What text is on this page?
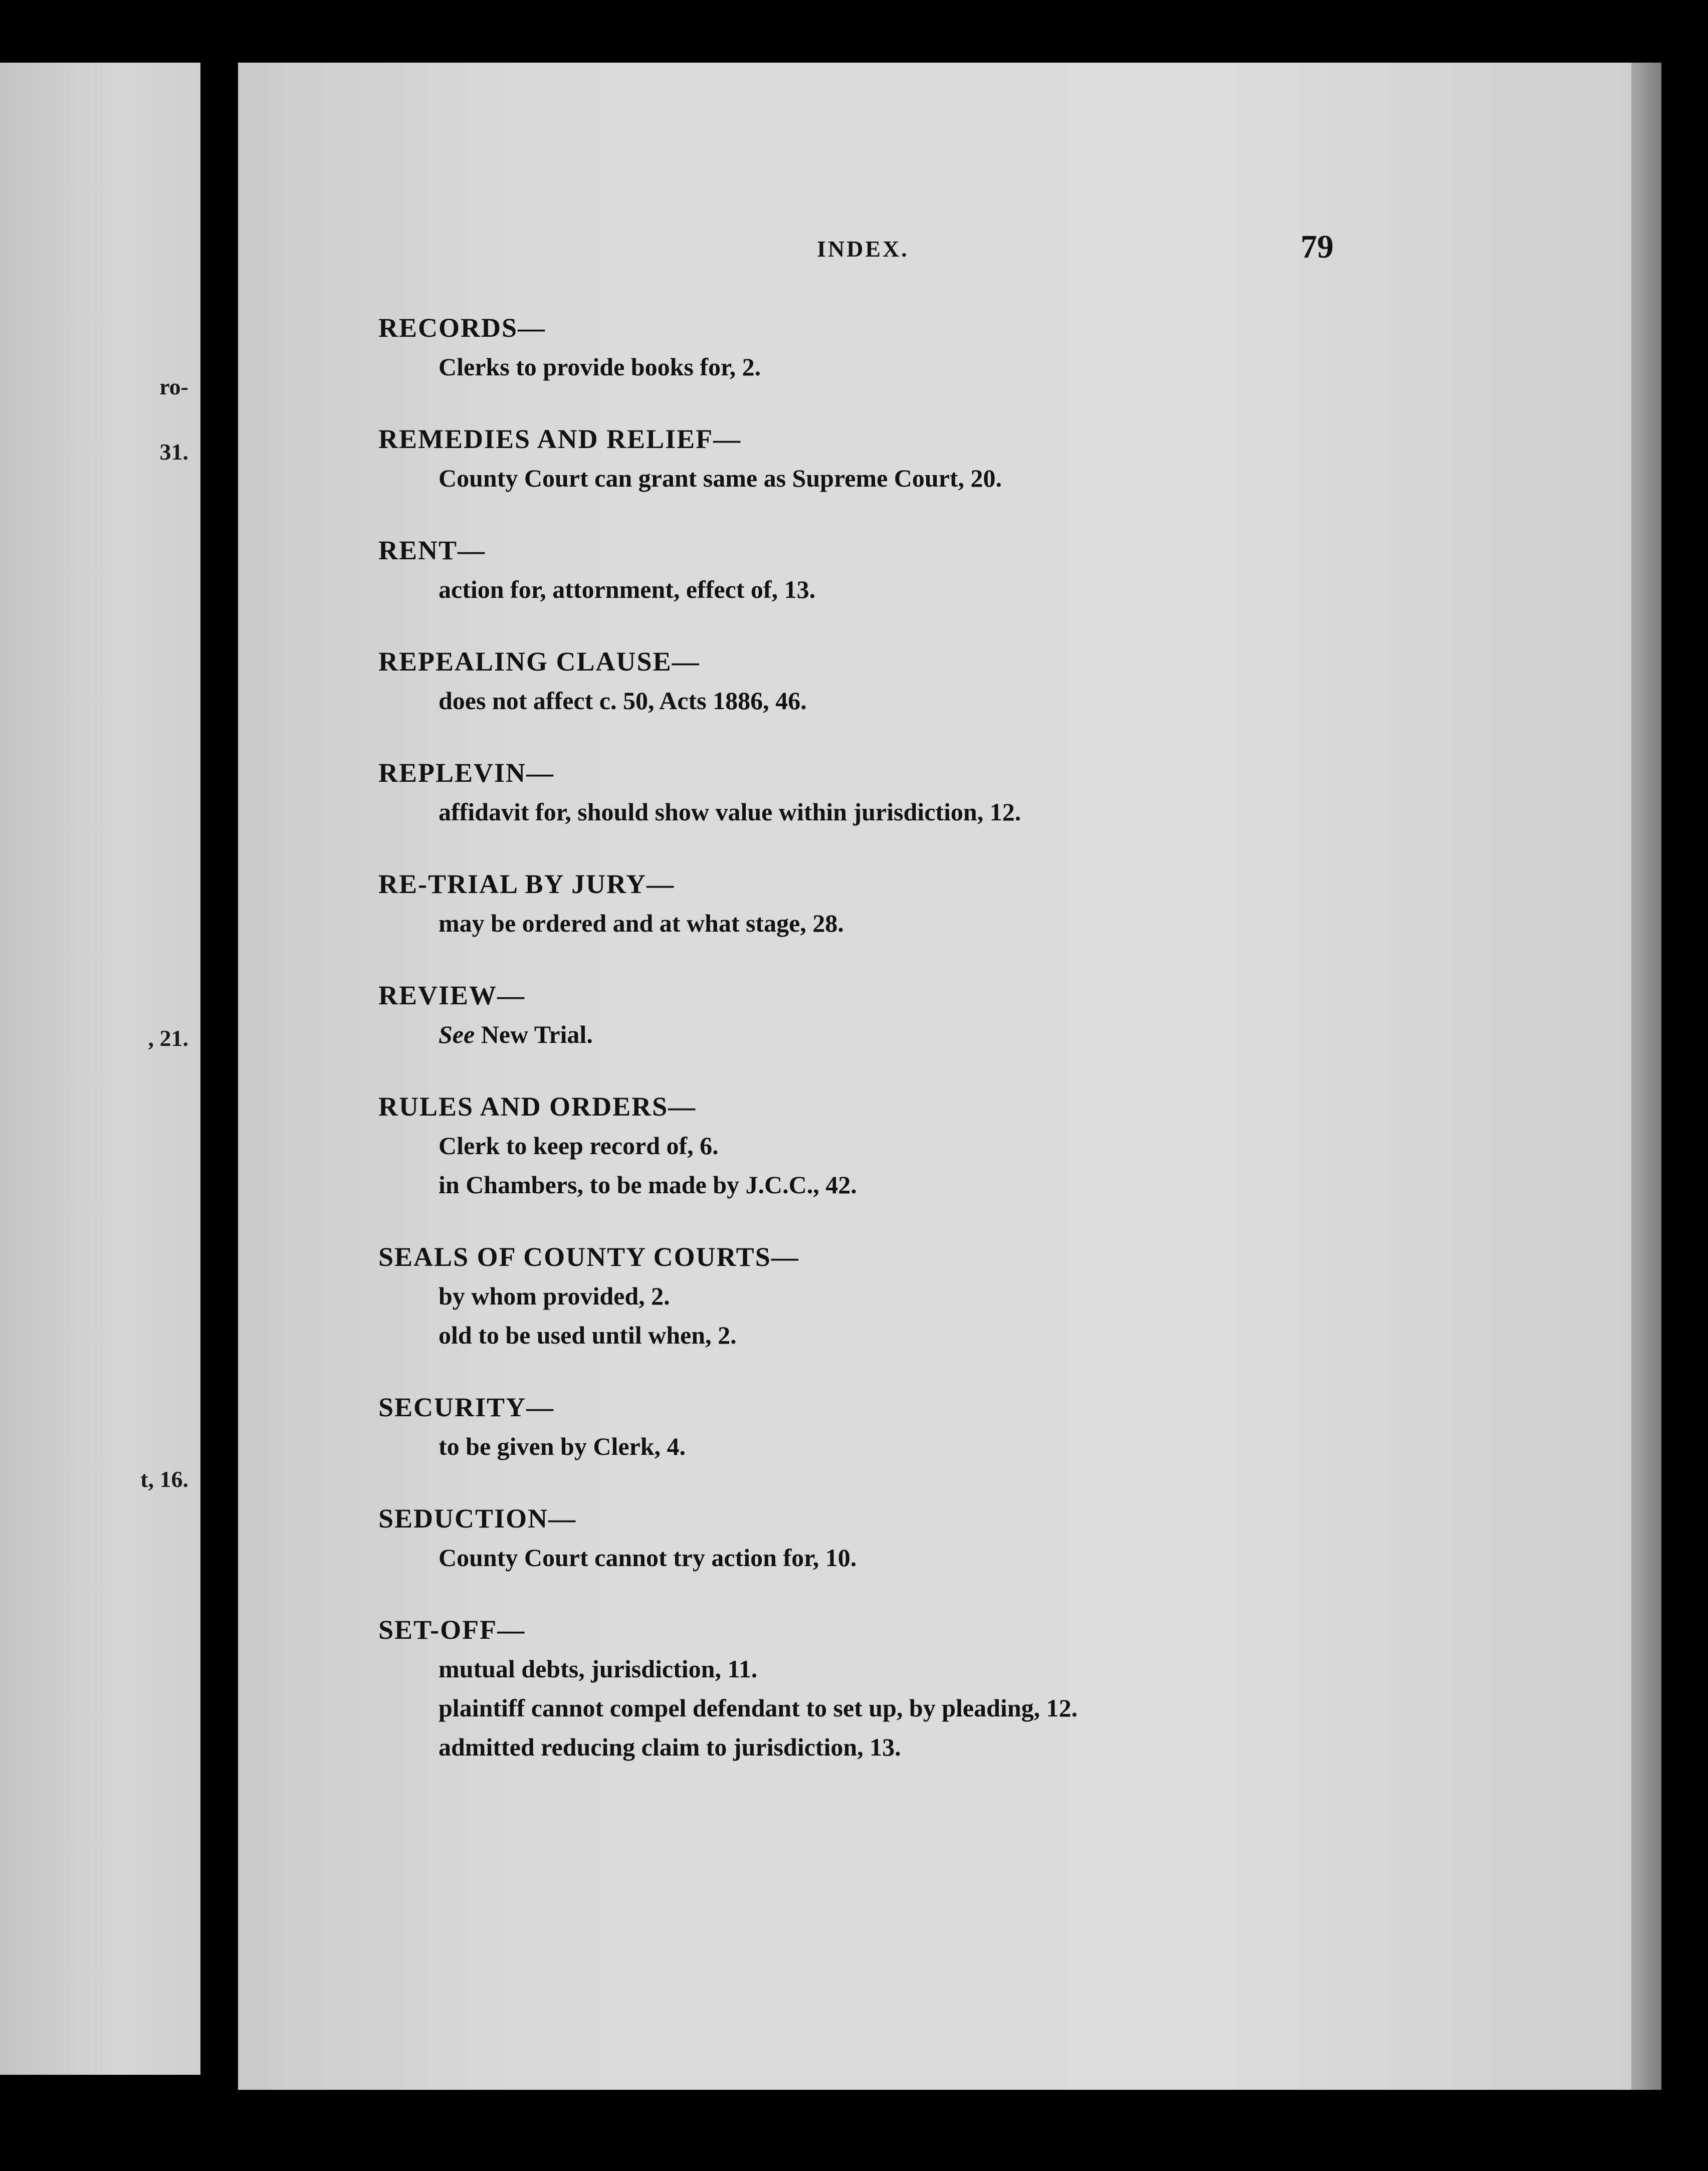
ro-
31.
, 21.
t, 16.
INDEX.	79
RECORDS—
Clerks to provide books for, 2.
REMEDIES AND RELIEF—
County Court can grant same as Supreme Court, 20.
RENT—
action for, attornment, effect of, 13.
REPEALING CLAUSE—
does not affect c. 50, Acts 1886, 46.
REPLEVIN—
affidavit for, should show value within jurisdiction, 12.
RE-TRIAL BY JURY—
may be ordered and at what stage, 28.
REVIEW—
See New Trial.
RULES AND ORDERS—
Clerk to keep record of, 6.
in Chambers, to be made by J.C.C., 42.
SEALS OF COUNTY COURTS—
by whom provided, 2.
old to be used until when, 2.
SECURITY—
to be given by Clerk, 4.
SEDUCTION—
County Court cannot try action for, 10.
SET-OFF—
mutual debts, jurisdiction, 11.
plaintiff cannot compel defendant to set up, by pleading, 12.
admitted reducing claim to jurisdiction, 13.
